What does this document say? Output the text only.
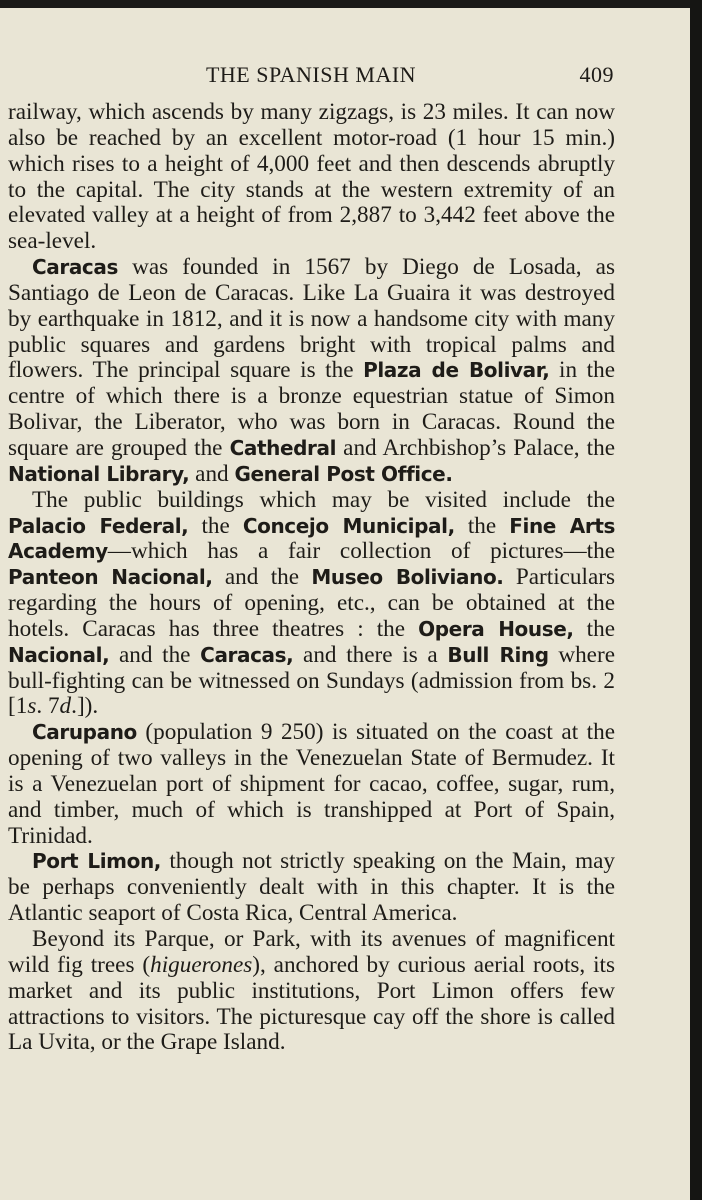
THE SPANISH MAIN	409

railway, which ascends by many zigzags, is 23 miles. It can now also be reached by an excellent motor-road (1 hour 15 min.) which rises to a height of 4,000 feet and then descends abruptly to the capital. The city stands at the western extremity of an elevated valley at a height of from 2,887 to 3,442 feet above the sea-level.

Caracas was founded in 1567 by Diego de Losada, as Santiago de Leon de Caracas. Like La Guaira it was destroyed by earthquake in 1812, and it is now a handsome city with many public squares and gardens bright with tropical palms and flowers. The principal square is the Plaza de Bolivar, in the centre of which there is a bronze equestrian statue of Simon Bolivar, the Liberator, who was born in Caracas. Round the square are grouped the Cathedral and Archbishop’s Palace, the National Library, and General Post Office.

The public buildings which may be visited include the Palacio Federal, the Concejo Municipal, the Fine Arts Academy—which has a fair collection of pictures—the Panteon Nacional, and the Museo Boliviano. Particulars regarding the hours of opening, etc., can be obtained at the hotels. Caracas has three theatres : the Opera House, the Nacional, and the Caracas, and there is a Bull Ring where bull-fighting can be witnessed on Sundays (admission from bs. 2 [1s. 7d.]).

Carupano (population 9 250) is situated on the coast at the opening of two valleys in the Venezuelan State of Bermudez. It is a Venezuelan port of shipment for cacao, coffee, sugar, rum, and timber, much of which is transhipped at Port of Spain, Trinidad.

Port Limon, though not strictly speaking on the Main, may be perhaps conveniently dealt with in this chapter. It is the Atlantic seaport of Costa Rica, Central America.

Beyond its Parque, or Park, with its avenues of magnificent wild fig trees (higuerones), anchored by curious aerial roots, its market and its public institutions, Port Limon offers few attractions to visitors. The picturesque cay off the shore is called La Uvita, or the Grape Island.
